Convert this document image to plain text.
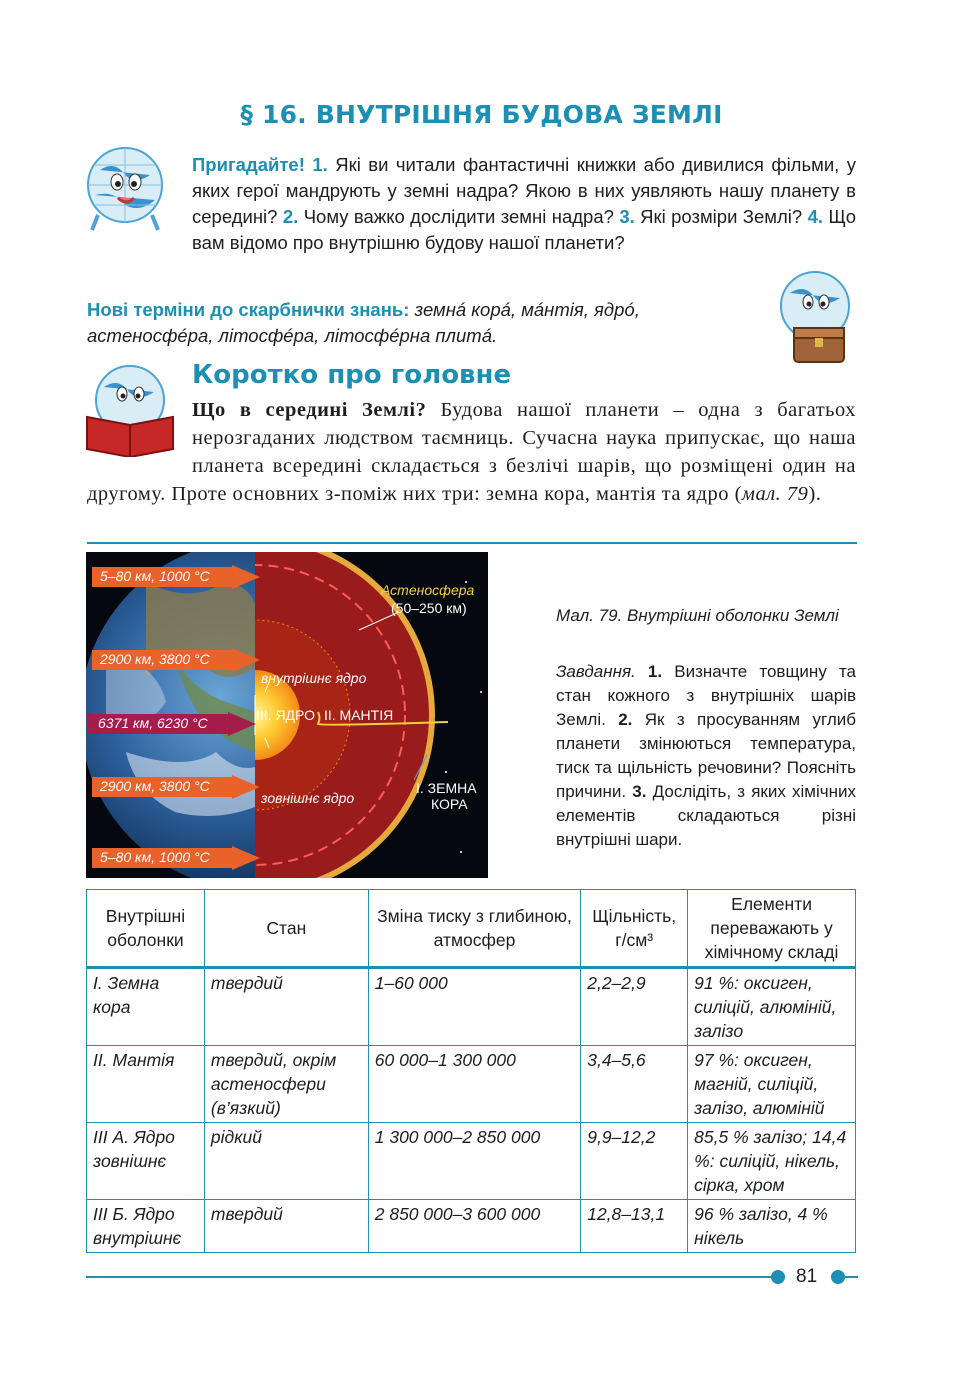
§ 16. ВНУТРІШНЯ БУДОВА ЗЕМЛІ
Пригадайте! 1. Які ви читали фантастичні книжки або дивилися фільми, у яких герої мандрують у земні надра? Якою в них уявляють нашу планету в середині? 2. Чому важко дослідити земні надра? 3. Які розміри Землі? 4. Що вам відомо про внутрішню будову нашої планети?
Нові терміни до скарбнички знань: земнá корá, мáнтія, ядрó, астеносфéра, літосфéра, літосфéрна плитá.
Коротко про головне
Що в середині Землі? Будова нашої планети – одна з багатьох нерозгаданих людством таємниць. Сучасна наука припускає, що наша планета всередині складається з безлічі шарів, що розміщені один на другому. Проте основних з-поміж них три: земна кора, мантія та ядро (мал. 79).
5–80 км, 1000 °С
2900 км, 3800 °С
6371 км, 6230 °С
2900 км, 3800 °С
5–80 км, 1000 °С
Астеносфера
(50–250 км)
внутрішнє ядро
ІІІ. ЯДРО ІІ. МАНТІЯ
зовнішнє ядро
І. ЗЕМНА
КОРА
Мал. 79. Внутрішні оболонки Землі
Завдання. 1. Визначте товщину та стан кожного з внутрішніх шарів Землі. 2. Як з просуванням углиб планети змінюються температура, тиск та щільність речовини? Поясніть причини. 3. Дослідіть, з яких хімічних елементів складаються різні внутрішні шари.
Внутрішні оболонки	Стан	Зміна тиску з глибиною, атмосфер	Щільність, г/см³	Елементи переважають у хімічному складі
І. Земна кора	твердий	1–60 000	2,2–2,9	91 %: оксиген, силіцій, алюміній, залізо
ІІ. Мантія	твердий, окрім астеносфери (в’язкий)	60 000–1 300 000	3,4–5,6	97 %: оксиген, магній, силіцій, залізо, алюміній
ІІІ А. Ядро зовнішнє	рідкий	1 300 000–2 850 000	9,9–12,2	85,5 % залізо; 14,4 %: силіцій, нікель, сірка, хром
ІІІ Б. Ядро внутрішнє	твердий	2 850 000–3 600 000	12,8–13,1	96 % залізо, 4 % нікель
81
